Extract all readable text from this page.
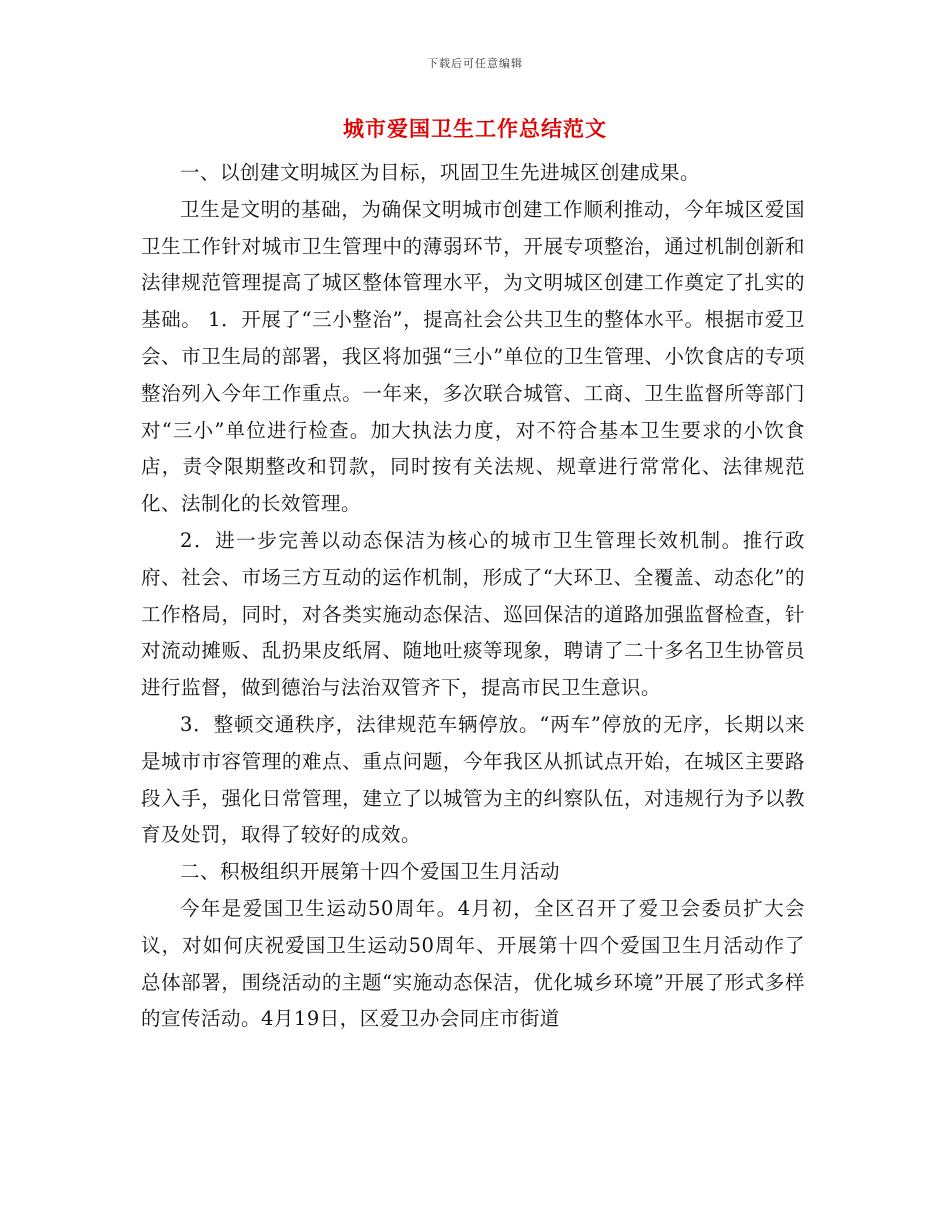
下载后可任意编辑
城市爱国卫生工作总结范文

一、以创建文明城区为目标，巩固卫生先进城区创建成果。

卫生是文明的基础，为确保文明城市创建工作顺利推动，今年城区爱国卫生工作针对城市卫生管理中的薄弱环节，开展专项整治，通过机制创新和法律规范管理提高了城区整体管理水平，为文明城区创建工作奠定了扎实的基础。 1．开展了“三小整治”，提高社会公共卫生的整体水平。根据市爱卫会、市卫生局的部署，我区将加强“三小”单位的卫生管理、小饮食店的专项整治列入今年工作重点。一年来，多次联合城管、工商、卫生监督所等部门对“三小”单位进行检查。加大执法力度，对不符合基本卫生要求的小饮食店，责令限期整改和罚款，同时按有关法规、规章进行常常化、法律规范化、法制化的长效管理。

2．进一步完善以动态保洁为核心的城市卫生管理长效机制。推行政府、社会、市场三方互动的运作机制，形成了“大环卫、全覆盖、动态化”的工作格局，同时，对各类实施动态保洁、巡回保洁的道路加强监督检查，针对流动摊贩、乱扔果皮纸屑、随地吐痰等现象，聘请了二十多名卫生协管员进行监督，做到德治与法治双管齐下，提高市民卫生意识。

3．整顿交通秩序，法律规范车辆停放。“两车”停放的无序，长期以来是城市市容管理的难点、重点问题，今年我区从抓试点开始，在城区主要路段入手，强化日常管理，建立了以城管为主的纠察队伍，对违规行为予以教育及处罚，取得了较好的成效。

二、积极组织开展第十四个爱国卫生月活动

今年是爱国卫生运动50周年。4月初，全区召开了爱卫会委员扩大会议，对如何庆祝爱国卫生运动50周年、开展第十四个爱国卫生月活动作了总体部署，围绕活动的主题“实施动态保洁，优化城乡环境”开展了形式多样的宣传活动。4月19日，区爱卫办会同庄市街道
